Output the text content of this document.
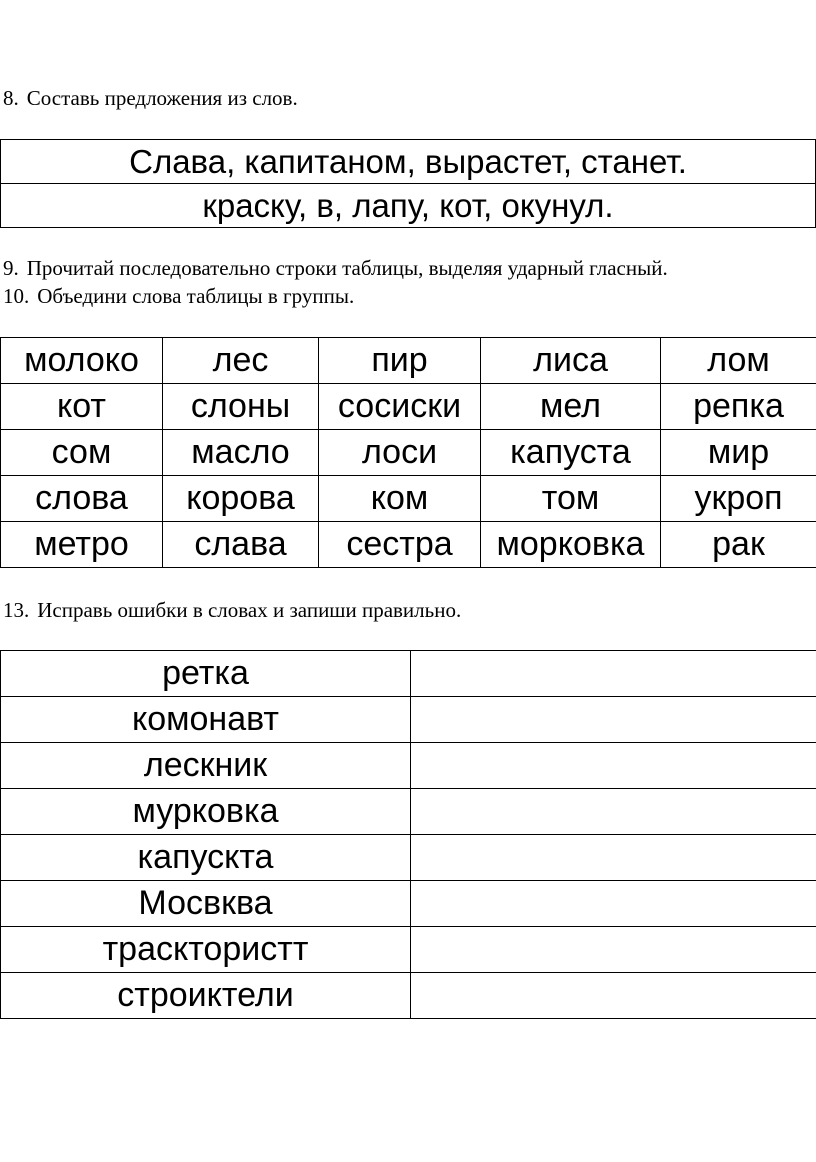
8. Составь предложения из слов.
Слава, капитаном, вырастет, станет.
краску, в, лапу, кот, окунул.
9. Прочитай последовательно строки таблицы, выделяя ударный гласный.
10. Объедини слова таблицы в группы.
молоко	лес	пир	лиса	лом
кот	слоны	сосиски	мел	репка
сом	масло	лоси	капуста	мир
слова	корова	ком	том	укроп
метро	слава	сестра	морковка	рак
13. Исправь ошибки в словах и запиши правильно.
ретка	
комонавт	
лескник	
мурковка	
капускта	
Мосвква	
трасктористт	
строиктели	
